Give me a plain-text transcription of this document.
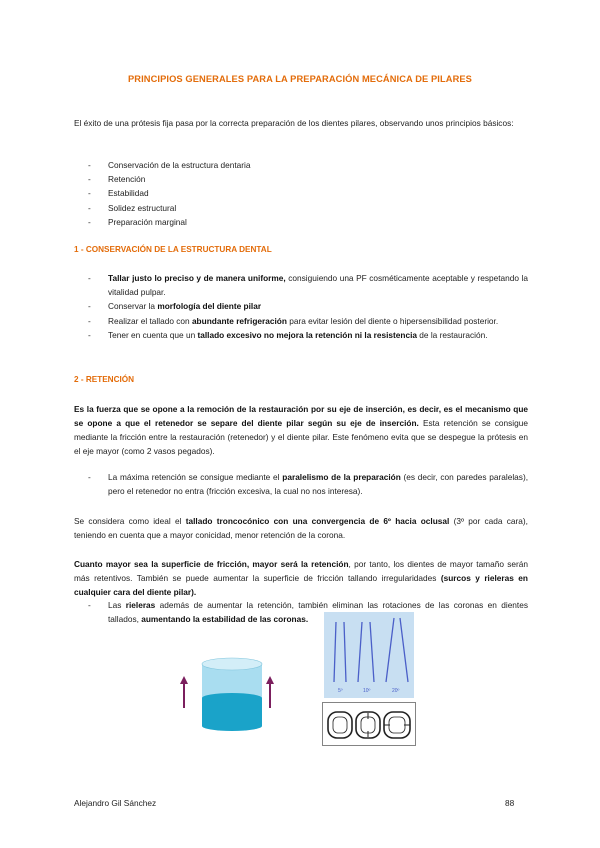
PRINCIPIOS GENERALES PARA LA PREPARACIÓN MECÁNICA DE PILARES
El éxito de una prótesis fija pasa por la correcta preparación de los dientes pilares, observando unos principios básicos:
- Conservación de la estructura dentaria
- Retención
- Estabilidad
- Solidez estructural
- Preparación marginal
1 - CONSERVACIÓN DE LA ESTRUCTURA DENTAL
- Tallar justo lo preciso y de manera uniforme, consiguiendo una PF cosméticamente aceptable y respetando la vitalidad pulpar.
- Conservar la morfología del diente pilar
- Realizar el tallado con abundante refrigeración para evitar lesión del diente o hipersensibilidad posterior.
- Tener en cuenta que un tallado excesivo no mejora la retención ni la resistencia de la restauración.
2 - RETENCIÓN
Es la fuerza que se opone a la remoción de la restauración por su eje de inserción, es decir, es el mecanismo que se opone a que el retenedor se separe del diente pilar según su eje de inserción. Esta retención se consigue mediante la fricción entre la restauración (retenedor) y el diente pilar. Este fenómeno evita que se despegue la prótesis en el eje mayor (como 2 vasos pegados).
- La máxima retención se consigue mediante el paralelismo de la preparación (es decir, con paredes paralelas), pero el retenedor no entra (fricción excesiva, la cual no nos interesa).
Se considera como ideal el tallado troncocónico con una convergencia de 6º hacia oclusal (3º por cada cara), teniendo en cuenta que a mayor conicidad, menor retención de la corona.
Cuanto mayor sea la superficie de fricción, mayor será la retención, por tanto, los dientes de mayor tamaño serán más retentivos. También se puede aumentar la superficie de fricción tallando irregularidades (surcos y rieleras en cualquier cara del diente pilar).
- Las rieleras además de aumentar la retención, también eliminan las rotaciones de las coronas en dientes tallados, aumentando la estabilidad de las coronas.
5º	10º	20º
Alejandro Gil Sánchez	88
